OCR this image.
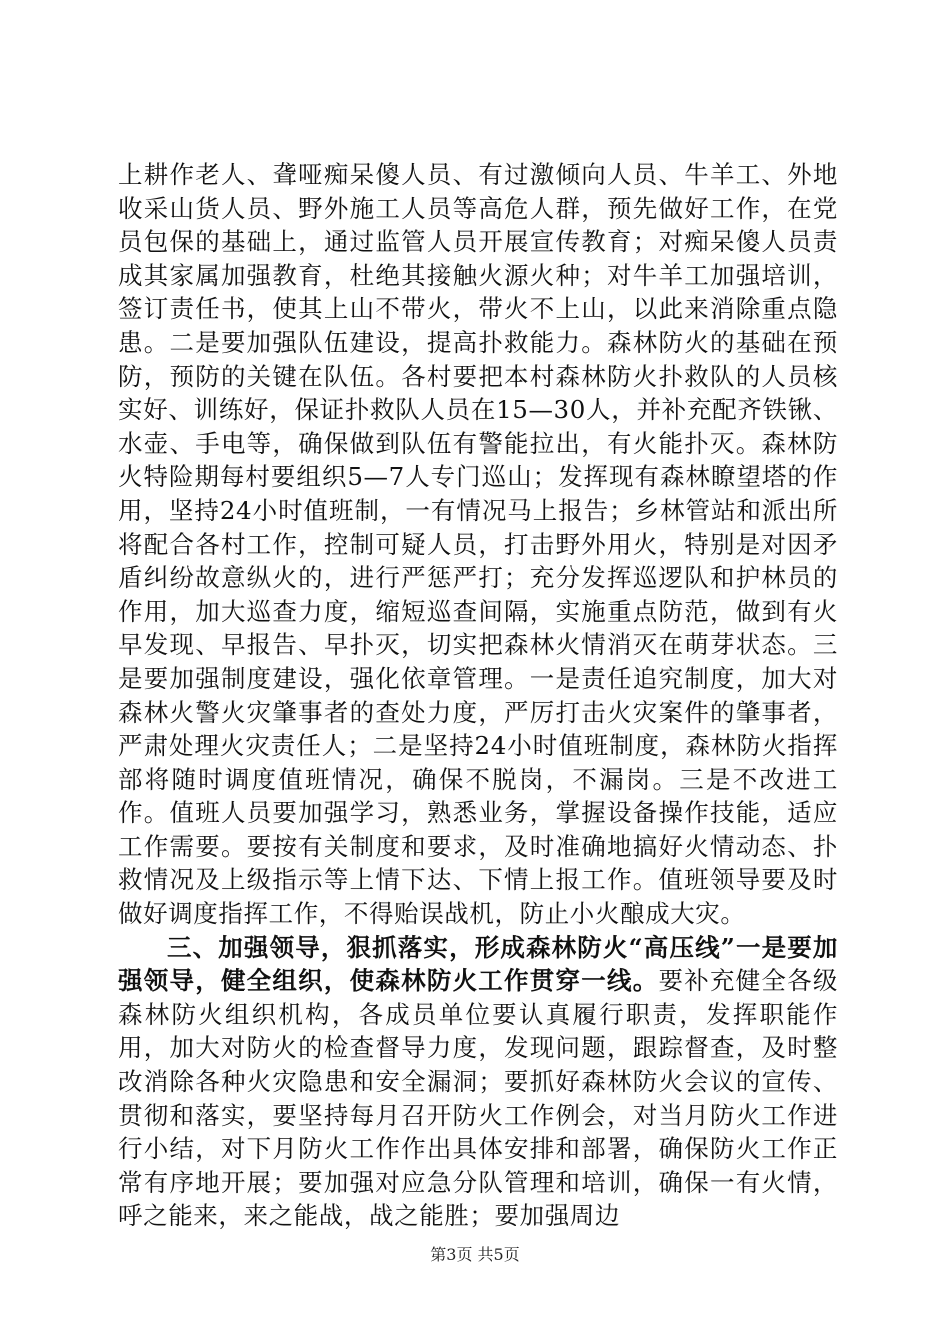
上耕作老人、聋哑痴呆傻人员、有过激倾向人员、牛羊工、外地收采山货人员、野外施工人员等高危人群，预先做好工作，在党员包保的基础上，通过监管人员开展宣传教育；对痴呆傻人员责成其家属加强教育，杜绝其接触火源火种；对牛羊工加强培训，签订责任书，使其上山不带火，带火不上山，以此来消除重点隐患。二是要加强队伍建设，提高扑救能力。森林防火的基础在预防，预防的关键在队伍。各村要把本村森林防火扑救队的人员核实好、训练好，保证扑救队人员在15—30人，并补充配齐铁锹、水壶、手电等，确保做到队伍有警能拉出，有火能扑灭。森林防火特险期每村要组织5—7人专门巡山；发挥现有森林瞭望塔的作用，坚持24小时值班制，一有情况马上报告；乡林管站和派出所将配合各村工作，控制可疑人员，打击野外用火，特别是对因矛盾纠纷故意纵火的，进行严惩严打；充分发挥巡逻队和护林员的作用，加大巡查力度，缩短巡查间隔，实施重点防范，做到有火早发现、早报告、早扑灭，切实把森林火情消灭在萌芽状态。三是要加强制度建设，强化依章管理。一是责任追究制度，加大对森林火警火灾肇事者的查处力度，严厉打击火灾案件的肇事者，严肃处理火灾责任人；二是坚持24小时值班制度，森林防火指挥部将随时调度值班情况，确保不脱岗，不漏岗。三是不改进工作。值班人员要加强学习，熟悉业务，掌握设备操作技能，适应工作需要。要按有关制度和要求，及时准确地搞好火情动态、扑救情况及上级指示等上情下达、下情上报工作。值班领导要及时做好调度指挥工作，不得贻误战机，防止小火酿成大灾。

三、加强领导，狠抓落实，形成森林防火“高压线”一是要加强领导，健全组织，使森林防火工作贯穿一线。要补充健全各级森林防火组织机构，各成员单位要认真履行职责，发挥职能作用，加大对防火的检查督导力度，发现问题，跟踪督查，及时整改消除各种火灾隐患和安全漏洞；要抓好森林防火会议的宣传、贯彻和落实，要坚持每月召开防火工作例会，对当月防火工作进行小结，对下月防火工作作出具体安排和部署，确保防火工作正常有序地开展；要加强对应急分队管理和培训，确保一有火情，呼之能来，来之能战，战之能胜；要加强周边

第3页 共5页
